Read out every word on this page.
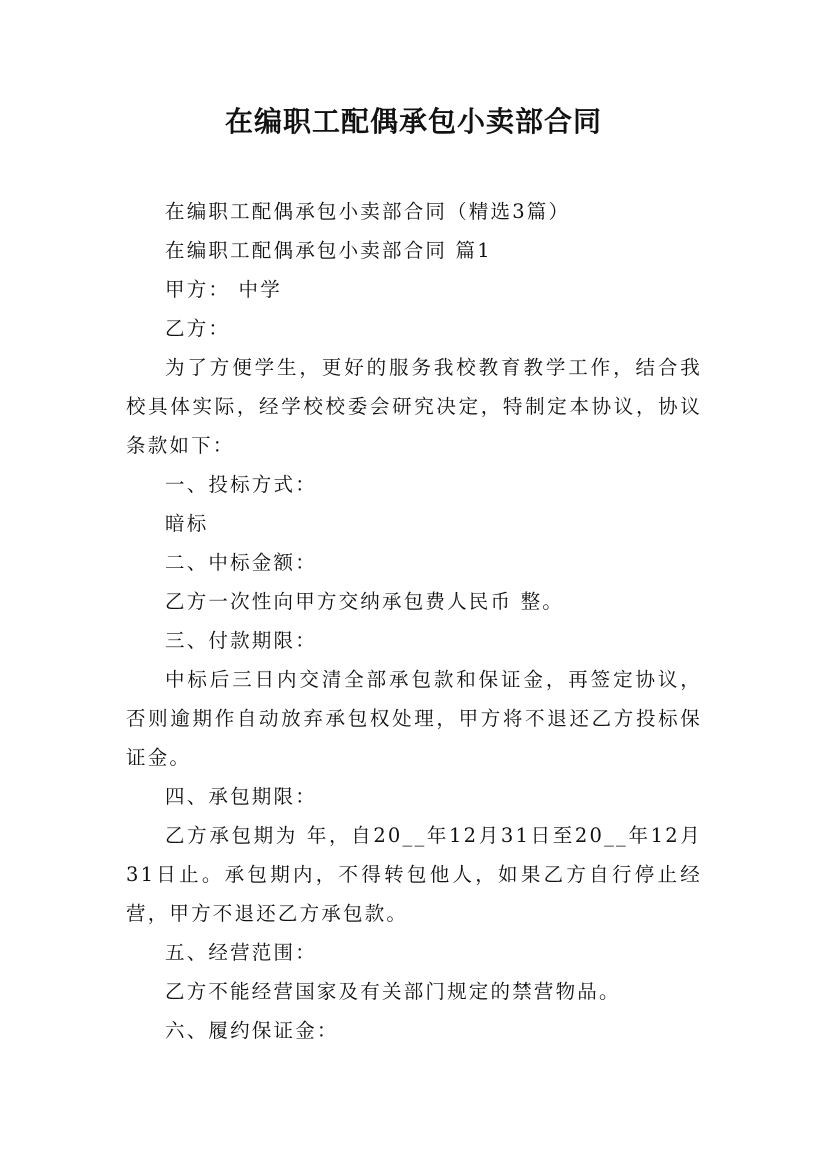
在编职工配偶承包小卖部合同

在编职工配偶承包小卖部合同（精选3篇）

在编职工配偶承包小卖部合同 篇1

甲方： 中学

乙方：

为了方便学生，更好的服务我校教育教学工作，结合我校具体实际，经学校校委会研究决定，特制定本协议，协议条款如下：

一、投标方式：

暗标

二、中标金额：

乙方一次性向甲方交纳承包费人民币 整。

三、付款期限：

中标后三日内交清全部承包款和保证金，再签定协议，否则逾期作自动放弃承包权处理，甲方将不退还乙方投标保证金。

四、承包期限：

乙方承包期为 年，自20__年12月31日至20__年12月31日止。承包期内，不得转包他人，如果乙方自行停止经营，甲方不退还乙方承包款。

五、经营范围：

乙方不能经营国家及有关部门规定的禁营物品。

六、履约保证金：
